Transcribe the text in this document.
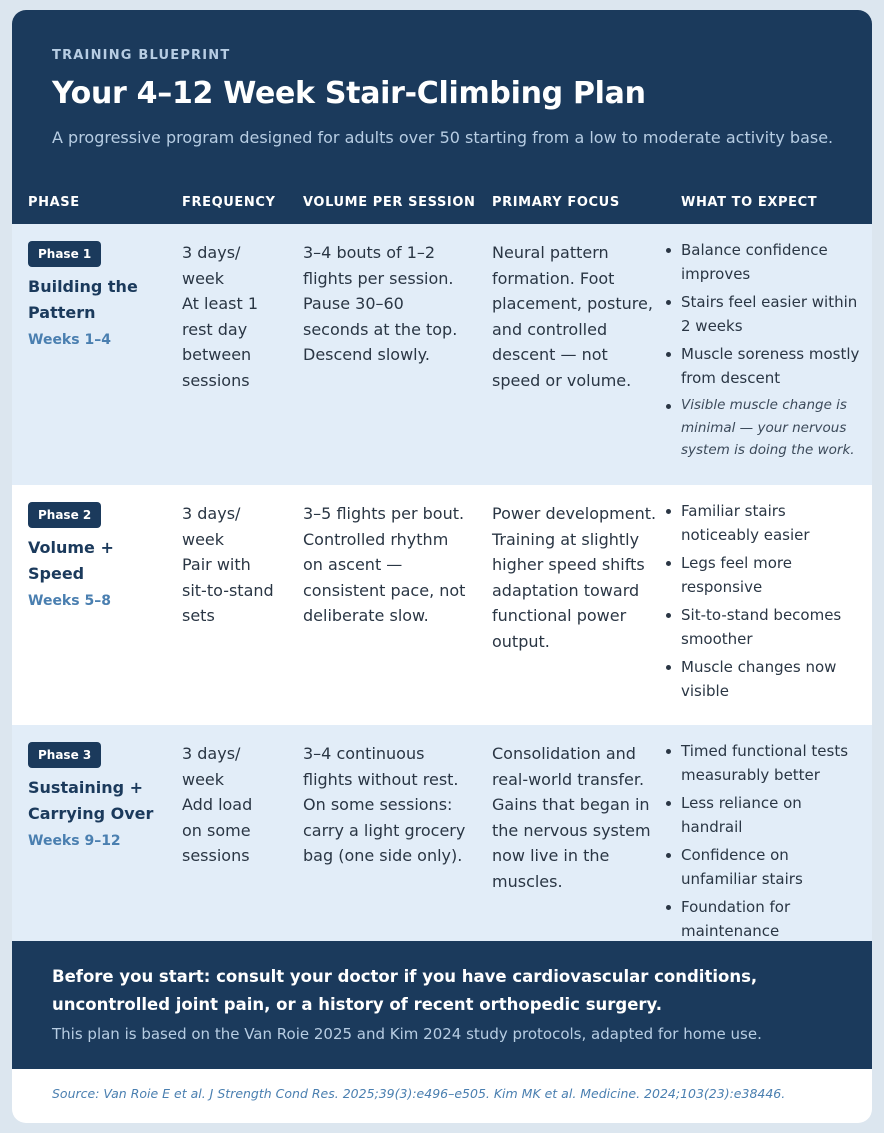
TRAINING BLUEPRINT
Your 4–12 Week Stair-Climbing Plan
A progressive program designed for adults over 50 starting from a low to moderate activity base.
PHASE	FREQUENCY VOLUME PER SESSION PRIMARY FOCUS	WHAT TO EXPECT
Phase 1
Building the Pattern
Weeks 1–4
3 days/
week
At least 1
rest day
between
sessions
3–4 bouts of 1–2
flights per session.
Pause 30–60
seconds at the top.
Descend slowly.
Neural pattern
formation. Foot
placement, posture,
and controlled
descent — not
speed or volume.
Balance confidence improves
Stairs feel easier within 2 weeks
Muscle soreness mostly from descent
Visible muscle change is minimal — your nervous system is doing the work.
Phase 2
Volume + Speed
Weeks 5–8
3 days/
week
Pair with
sit-to-stand
sets
3–5 flights per bout.
Controlled rhythm
on ascent —
consistent pace, not
deliberate slow.
Power development.
Training at slightly
higher speed shifts
adaptation toward
functional power
output.
Familiar stairs noticeably easier
Legs feel more responsive
Sit-to-stand becomes smoother
Muscle changes now visible
Phase 3
Sustaining + Carrying Over
Weeks 9–12
3 days/
week
Add load
on some
sessions
3–4 continuous
flights without rest.
On some sessions:
carry a light grocery
bag (one side only).
Consolidation and
real-world transfer.
Gains that began in
the nervous system
now live in the
muscles.
Timed functional tests measurably better
Less reliance on handrail
Confidence on unfamiliar stairs
Foundation for maintenance
Before you start: consult your doctor if you have cardiovascular conditions, uncontrolled joint pain, or a history of recent orthopedic surgery.
This plan is based on the Van Roie 2025 and Kim 2024 study protocols, adapted for home use.
Source: Van Roie E et al. J Strength Cond Res. 2025;39(3):e496–e505. Kim MK et al. Medicine. 2024;103(23):e38446.
